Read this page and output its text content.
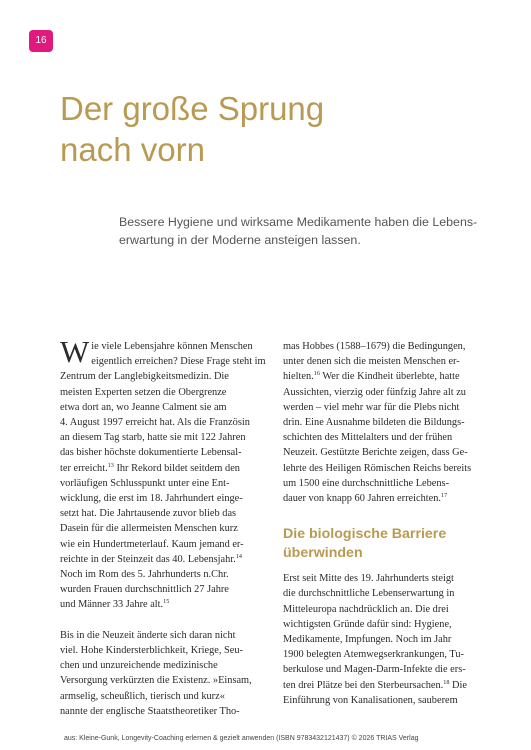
16
Der große Sprung
nach vorn
Bessere Hygiene und wirksame Medikamente haben die Lebens-
erwartung in der Moderne ansteigen lassen.
W ie viele Lebensjahre können Menschen
eigentlich erreichen? Diese Frage steht im
Zentrum der Langlebigkeitsmedizin. Die
meisten Experten setzen die Obergrenze
etwa dort an, wo Jeanne Calment sie am
4. August 1997 erreicht hat. Als die Französin
an diesem Tag starb, hatte sie mit 122 Jahren
das bisher höchste dokumentierte Lebensal-
ter erreicht.$^{13}$ Ihr Rekord bildet seitdem den
vorläufigen Schlusspunkt unter eine Ent-
wicklung, die erst im 18. Jahrhundert einge-
setzt hat. Die Jahrtausende zuvor blieb das
Dasein für die allermeisten Menschen kurz
wie ein Hundertmeterlauf. Kaum jemand er-
reichte in der Steinzeit das 40. Lebensjahr.$^{14}$
Noch im Rom des 5. Jahrhunderts n.Chr.
wurden Frauen durchschnittlich 27 Jahre
und Männer 33 Jahre alt.$^{15}$
Bis in die Neuzeit änderte sich daran nicht
viel. Hohe Kindersterblichkeit, Kriege, Seu-
chen und unzureichende medizinische
Versorgung verkürzten die Existenz. »Einsam,
armselig, scheußlich, tierisch und kurz«
nannte der englische Staatstheoretiker Tho-
mas Hobbes (1588–1679) die Bedingungen,
unter denen sich die meisten Menschen er-
hielten.$^{16}$ Wer die Kindheit überlebte, hatte
Aussichten, vierzig oder fünfzig Jahre alt zu
werden – viel mehr war für die Plebs nicht
drin. Eine Ausnahme bildeten die Bildungs-
schichten des Mittelalters und der frühen
Neuzeit. Gestützte Berichte zeigen, dass Ge-
lehrte des Heiligen Römischen Reichs bereits
um 1500 eine durchschnittliche Lebens-
dauer von knapp 60 Jahren erreichten.$^{17}$
Die biologische Barriere
überwinden
Erst seit Mitte des 19. Jahrhunderts steigt
die durchschnittliche Lebenserwartung in
Mitteleuropa nachdrücklich an. Die drei
wichtigsten Gründe dafür sind: Hygiene,
Medikamente, Impfungen. Noch im Jahr
1900 belegten Atemwegserkrankungen, Tu-
berkulose und Magen-Darm-Infekte die ers-
ten drei Plätze bei den Sterbeursachen.$^{18}$ Die
Einführung von Kanalisationen, sauberem
aus: Kleine-Gunk, Longevity-Coaching erlernen & gezielt anwenden (ISBN 9783432121437) © 2026 TRIAS Verlag
